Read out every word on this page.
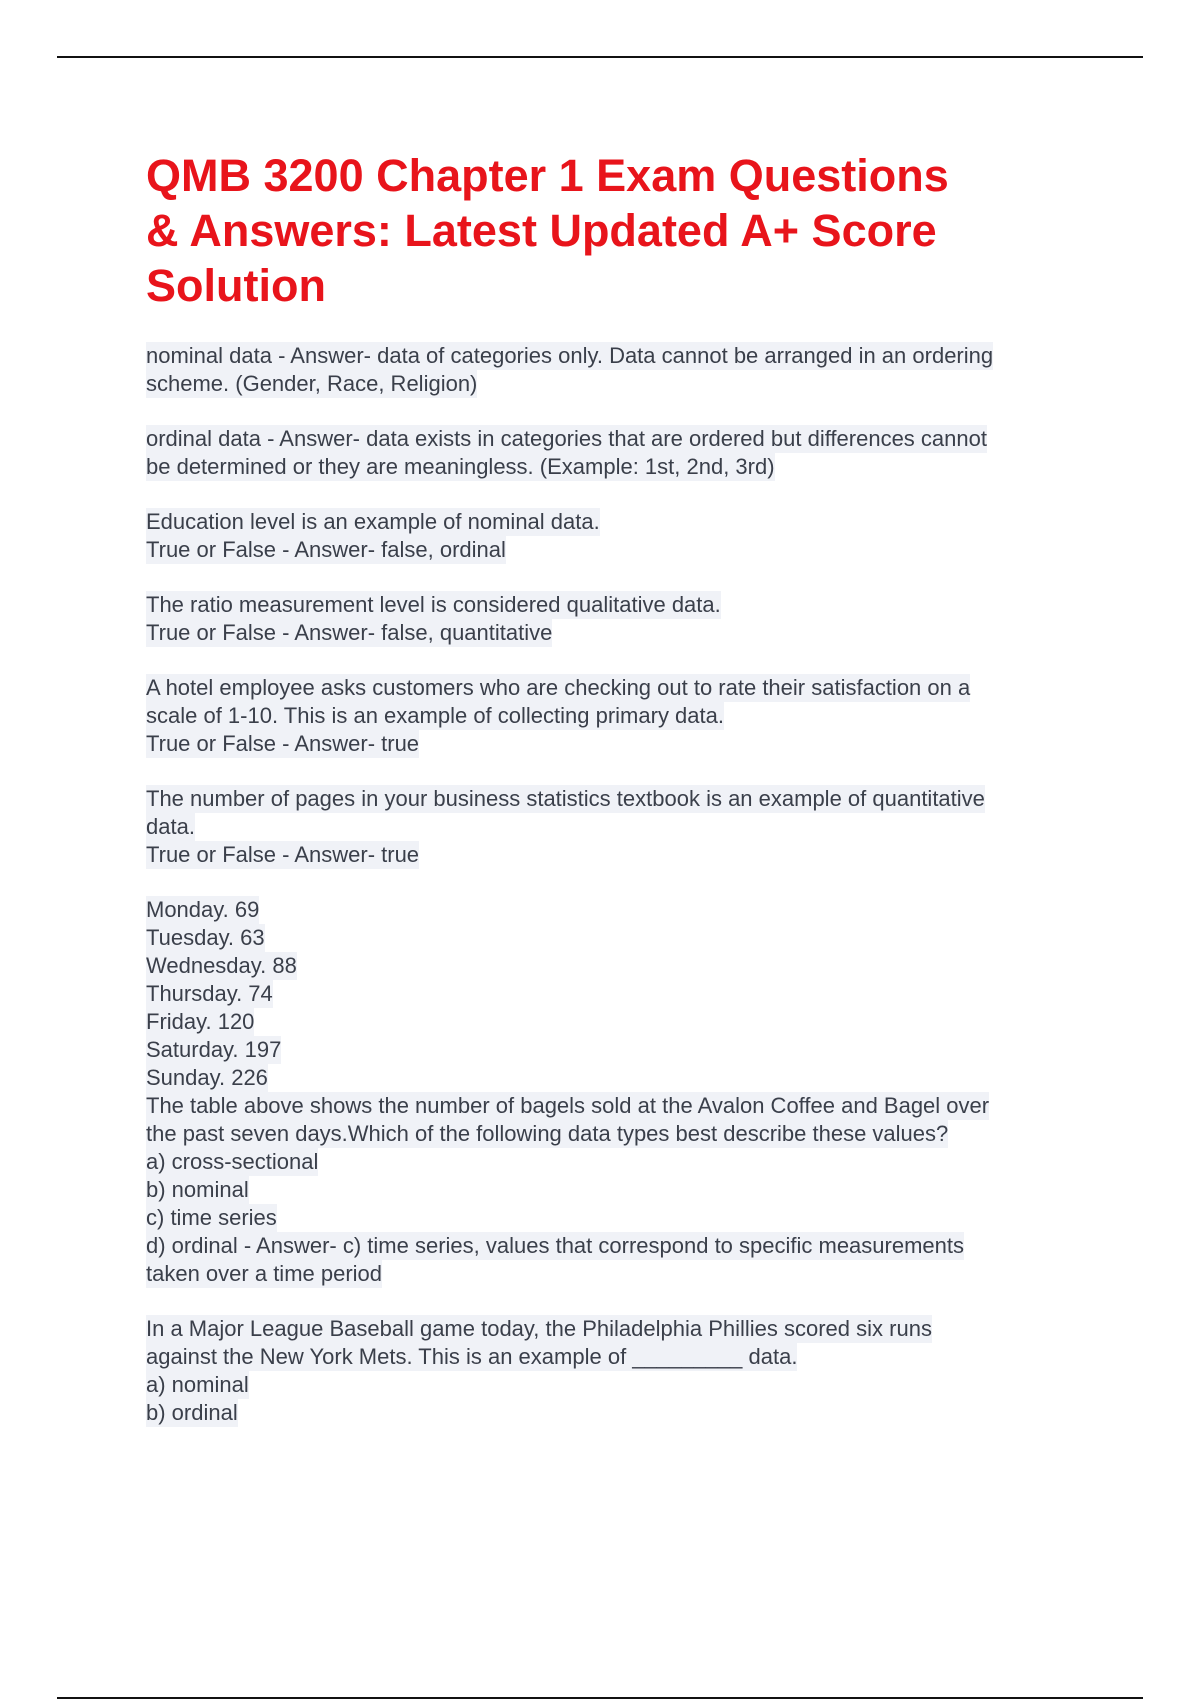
QMB 3200 Chapter 1 Exam Questions
& Answers: Latest Updated A+ Score
Solution
nominal data - Answer- data of categories only. Data cannot be arranged in an ordering
scheme. (Gender, Race, Religion)
ordinal data - Answer- data exists in categories that are ordered but differences cannot
be determined or they are meaningless. (Example: 1st, 2nd, 3rd)
Education level is an example of nominal data.
True or False - Answer- false, ordinal
The ratio measurement level is considered qualitative data.
True or False - Answer- false, quantitative
A hotel employee asks customers who are checking out to rate their satisfaction on a
scale of 1-10. This is an example of collecting primary data.
True or False - Answer- true
The number of pages in your business statistics textbook is an example of quantitative
data.
True or False - Answer- true
Monday. 69
Tuesday. 63
Wednesday. 88
Thursday. 74
Friday. 120
Saturday. 197
Sunday. 226
The table above shows the number of bagels sold at the Avalon Coffee and Bagel over
the past seven days.Which of the following data types best describe these values?
a) cross-sectional
b) nominal
c) time series
d) ordinal - Answer- c) time series, values that correspond to specific measurements
taken over a time period
In a Major League Baseball game today, the Philadelphia Phillies scored six runs
against the New York Mets. This is an example of _________ data.
a) nominal
b) ordinal
